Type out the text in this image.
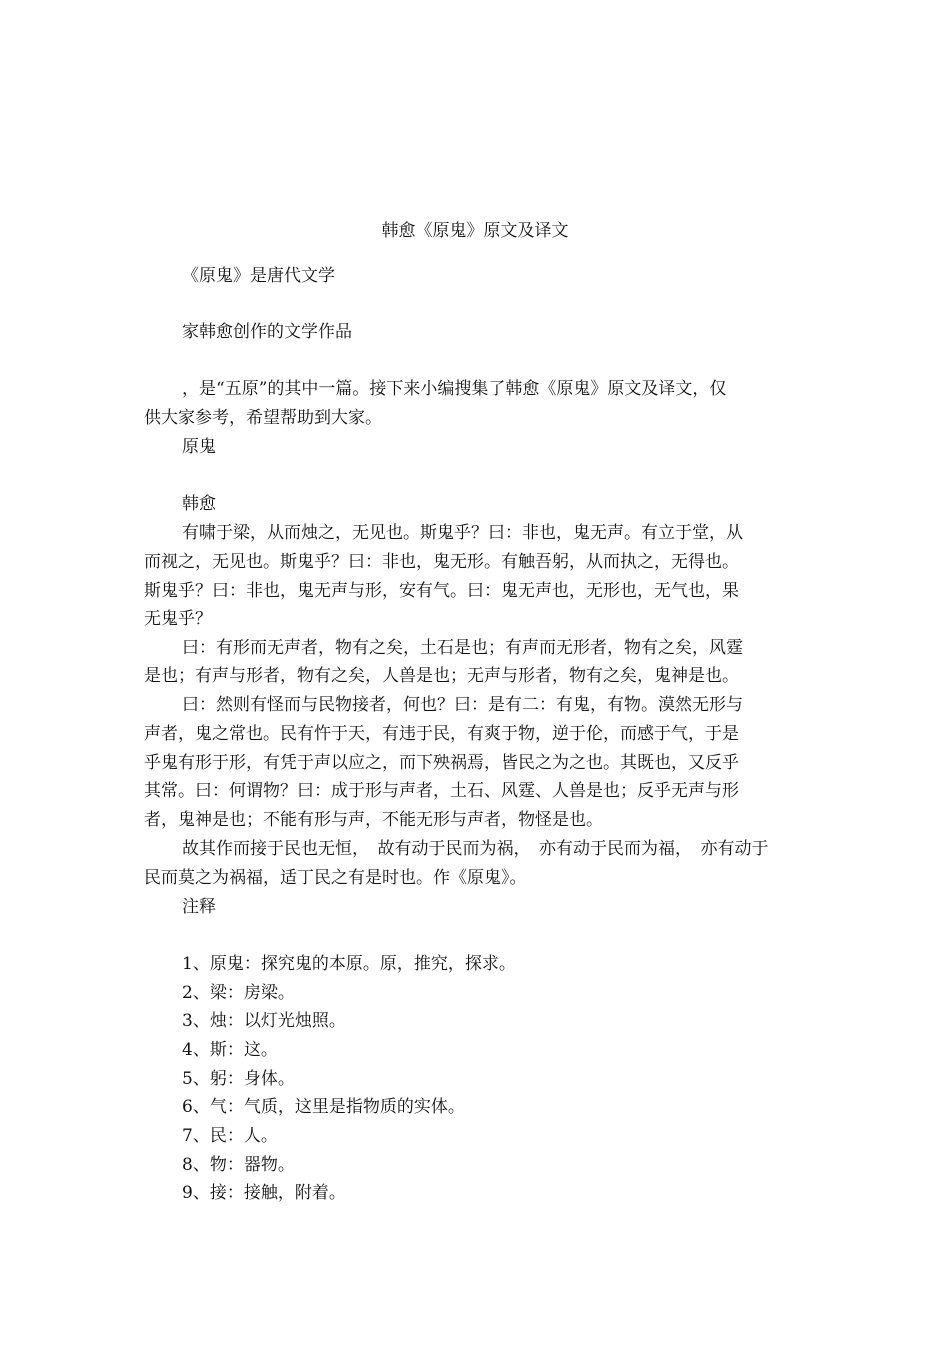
韩愈《原鬼》原文及译文

《原鬼》是唐代文学

家韩愈创作的文学作品

，是“五原”的其中一篇。接下来小编搜集了韩愈《原鬼》原文及译文，仅

供大家参考，希望帮助到大家。

原鬼

韩愈

有啸于梁，从而烛之，无见也。斯鬼乎？曰：非也，鬼无声。有立于堂，从

而视之，无见也。斯鬼乎？曰：非也，鬼无形。有触吾躬，从而执之，无得也。

斯鬼乎？曰：非也，鬼无声与形，安有气。曰：鬼无声也，无形也，无气也，果

无鬼乎？

曰：有形而无声者，物有之矣，土石是也；有声而无形者，物有之矣，风霆

是也；有声与形者，物有之矣，人兽是也；无声与形者，物有之矣，鬼神是也。

曰：然则有怪而与民物接者，何也？曰：是有二：有鬼，有物。漠然无形与

声者，鬼之常也。民有忤于天，有违于民，有爽于物，逆于伦，而感于气，于是

乎鬼有形于形，有凭于声以应之，而下殃祸焉，皆民之为之也。其既也，又反乎

其常。曰：何谓物？曰：成于形与声者，土石、风霆、人兽是也；反乎无声与形

者，鬼神是也；不能有形与声，不能无形与声者，物怪是也。

故其作而接于民也无恒，　故有动于民而为祸，　亦有动于民而为福，　亦有动于

民而莫之为祸福，适丁民之有是时也。作《原鬼》。

注释

1、原鬼：探究鬼的本原。原，推究，探求。

2、梁：房梁。

3、烛：以灯光烛照。

4、斯：这。

5、躬：身体。

6、气：气质，这里是指物质的实体。

7、民：人。

8、物：器物。

9、接：接触，附着。
